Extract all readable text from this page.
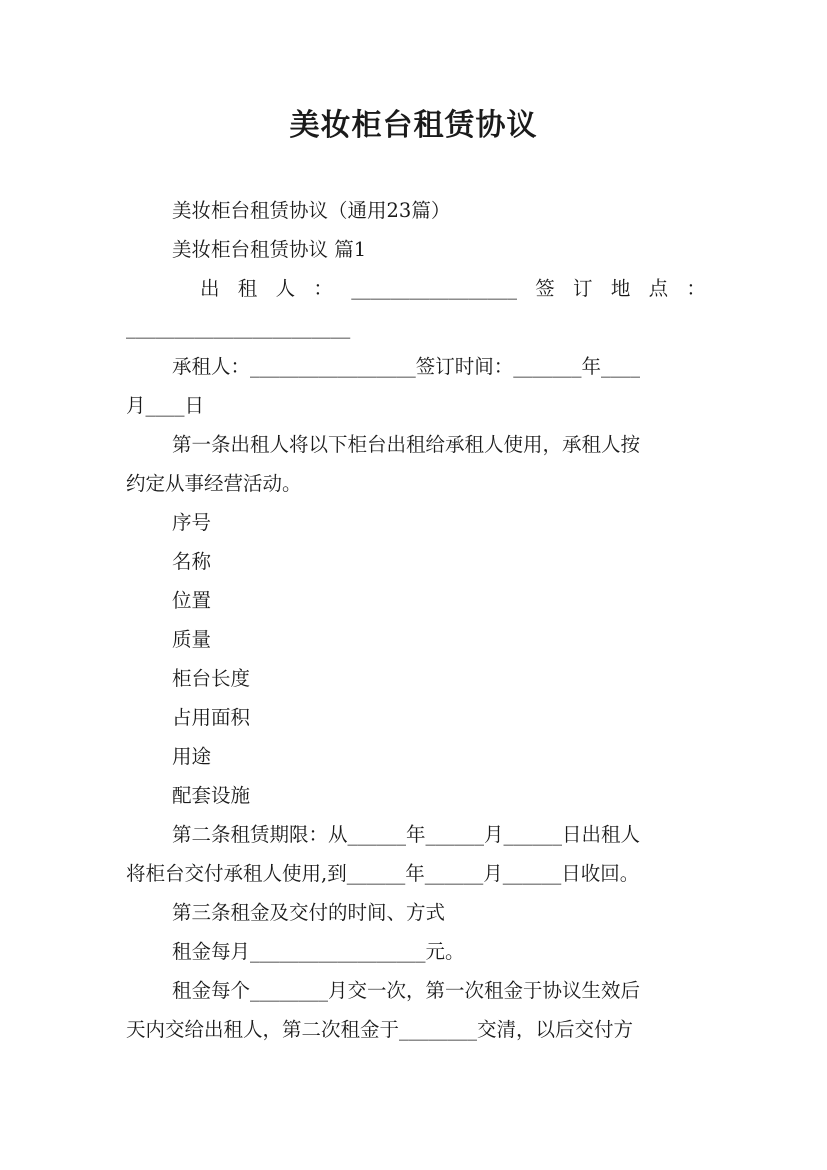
美妆柜台租赁协议
美妆柜台租赁协议（通用23篇）
美妆柜台租赁协议 篇1
出 租 人 ： _________________ 签 订 地 点 ：
_______________________
承租人：_________________签订时间：_______年____
月____日
第一条出租人将以下柜台出租给承租人使用，承租人按
约定从事经营活动。
序号
名称
位置
质量
柜台长度
占用面积
用途
配套设施
第二条租赁期限：从______年______月______日出租人
将柜台交付承租人使用,到______年______月______日收回。
第三条租金及交付的时间、方式
租金每月__________________元。
租金每个________月交一次，第一次租金于协议生效后
天内交给出租人，第二次租金于________交清，以后交付方
